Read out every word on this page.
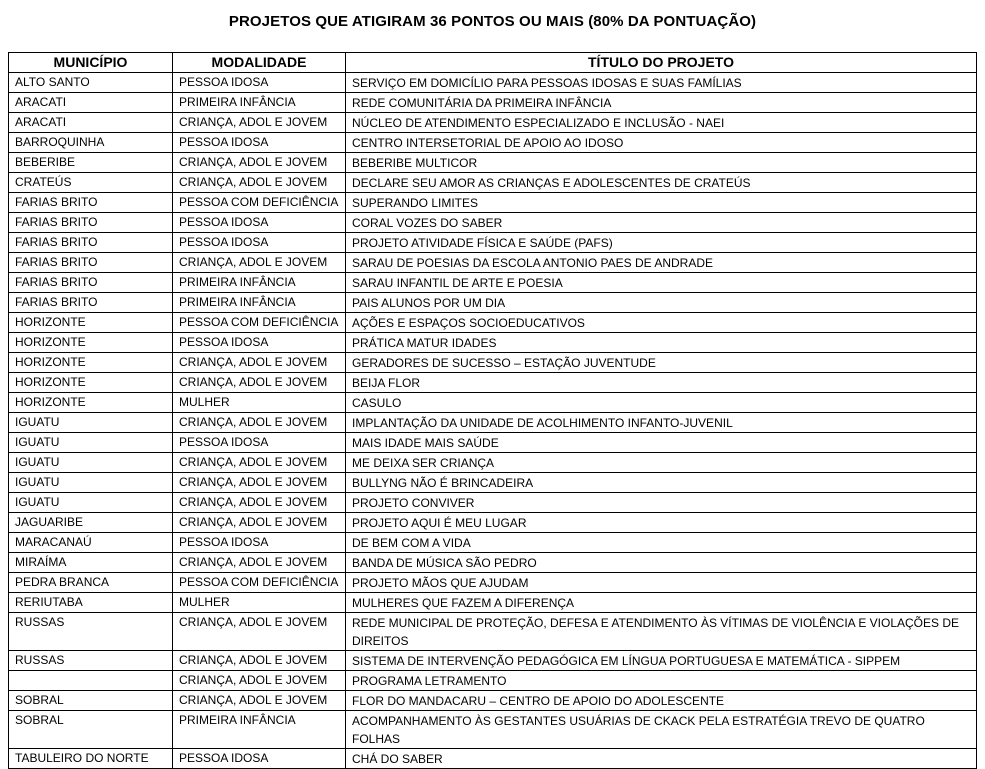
PROJETOS QUE ATIGIRAM 36 PONTOS OU MAIS (80% DA PONTUAÇÃO)
MUNICÍPIO	MODALIDADE	TÍTULO DO PROJETO
ALTO SANTO	PESSOA IDOSA	SERVIÇO EM DOMICÍLIO PARA PESSOAS IDOSAS E SUAS FAMÍLIAS
ARACATI	PRIMEIRA INFÂNCIA	REDE COMUNITÁRIA DA PRIMEIRA INFÂNCIA
ARACATI	CRIANÇA, ADOL E JOVEM	NÚCLEO DE ATENDIMENTO ESPECIALIZADO E INCLUSÃO - NAEI
BARROQUINHA	PESSOA IDOSA	CENTRO INTERSETORIAL DE APOIO AO IDOSO
BEBERIBE	CRIANÇA, ADOL E JOVEM	BEBERIBE MULTICOR
CRATEÚS	CRIANÇA, ADOL E JOVEM	DECLARE SEU AMOR AS CRIANÇAS E ADOLESCENTES DE CRATEÚS
FARIAS BRITO	PESSOA COM DEFICIÊNCIA	SUPERANDO LIMITES
FARIAS BRITO	PESSOA IDOSA	CORAL VOZES DO SABER
FARIAS BRITO	PESSOA IDOSA	PROJETO ATIVIDADE FÍSICA E SAÚDE (PAFS)
FARIAS BRITO	CRIANÇA, ADOL E JOVEM	SARAU DE POESIAS DA ESCOLA ANTONIO PAES DE ANDRADE
FARIAS BRITO	PRIMEIRA INFÂNCIA	SARAU INFANTIL DE ARTE E POESIA
FARIAS BRITO	PRIMEIRA INFÂNCIA	PAIS ALUNOS POR UM DIA
HORIZONTE	PESSOA COM DEFICIÊNCIA	AÇÕES E ESPAÇOS SOCIOEDUCATIVOS
HORIZONTE	PESSOA IDOSA	PRÁTICA MATUR IDADES
HORIZONTE	CRIANÇA, ADOL E JOVEM	GERADORES DE SUCESSO – ESTAÇÃO JUVENTUDE
HORIZONTE	CRIANÇA, ADOL E JOVEM	BEIJA FLOR
HORIZONTE	MULHER	CASULO
IGUATU	CRIANÇA, ADOL E JOVEM	IMPLANTAÇÃO DA UNIDADE DE ACOLHIMENTO INFANTO-JUVENIL
IGUATU	PESSOA IDOSA	MAIS IDADE MAIS SAÚDE
IGUATU	CRIANÇA, ADOL E JOVEM	ME DEIXA SER CRIANÇA
IGUATU	CRIANÇA, ADOL E JOVEM	BULLYNG NÃO É BRINCADEIRA
IGUATU	CRIANÇA, ADOL E JOVEM	PROJETO CONVIVER
JAGUARIBE	CRIANÇA, ADOL E JOVEM	PROJETO AQUI É MEU LUGAR
MARACANAÚ	PESSOA IDOSA	DE BEM COM A VIDA
MIRAÍMA	CRIANÇA, ADOL E JOVEM	BANDA DE MÚSICA SÃO PEDRO
PEDRA BRANCA	PESSOA COM DEFICIÊNCIA	PROJETO MÃOS QUE AJUDAM
RERIUTABA	MULHER	MULHERES QUE FAZEM A DIFERENÇA
RUSSAS	CRIANÇA, ADOL E JOVEM	REDE MUNICIPAL DE PROTEÇÃO, DEFESA E ATENDIMENTO ÀS VÍTIMAS DE VIOLÊNCIA E VIOLAÇÕES DE DIREITOS
RUSSAS	CRIANÇA, ADOL E JOVEM	SISTEMA DE INTERVENÇÃO PEDAGÓGICA EM LÍNGUA PORTUGUESA E MATEMÁTICA - SIPPEM
	CRIANÇA, ADOL E JOVEM	PROGRAMA LETRAMENTO
SOBRAL	CRIANÇA, ADOL E JOVEM	FLOR DO MANDACARU – CENTRO DE APOIO DO ADOLESCENTE
SOBRAL	PRIMEIRA INFÂNCIA	ACOMPANHAMENTO ÀS GESTANTES USUÁRIAS DE CKACK PELA ESTRATÉGIA TREVO DE QUATRO FOLHAS
TABULEIRO DO NORTE	PESSOA IDOSA	CHÁ DO SABER
